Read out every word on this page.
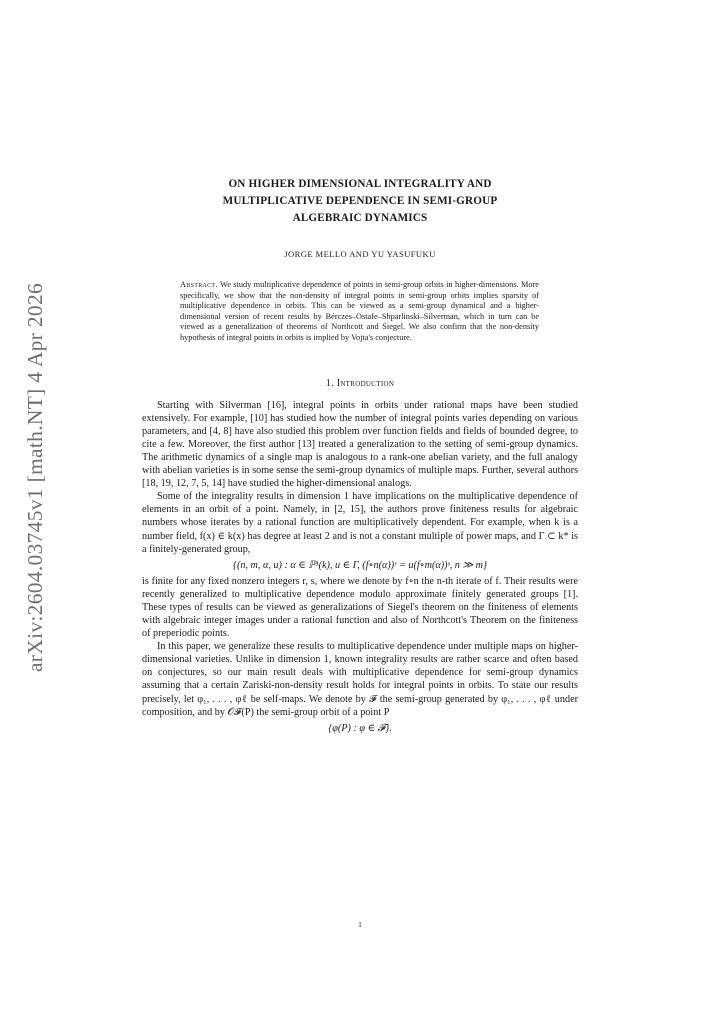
arXiv:2604.03745v1 [math.NT] 4 Apr 2026
ON HIGHER DIMENSIONAL INTEGRALITY AND
MULTIPLICATIVE DEPENDENCE IN SEMI-GROUP
ALGEBRAIC DYNAMICS
JORGE MELLO AND YU YASUFUKU
Abstract. We study multiplicative dependence of points in semi-group orbits in higher-dimensions. More specifically, we show that the non-density of integral points in semi-group orbits implies sparsity of multiplicative dependence in orbits. This can be viewed as a semi-group dynamical and a higher-dimensional version of recent results by Bérczes–Ostafe–Shparlinski–Silverman, which in turn can be viewed as a generalization of theorems of Northcott and Siegel. We also confirm that the non-density hypothesis of integral points in orbits is implied by Vojta's conjecture.
1. Introduction

Starting with Silverman [16], integral points in orbits under rational maps have been studied extensively. For example, [10] has studied how the number of integral points varies depending on various parameters, and [4, 8] have also studied this problem over function fields and fields of bounded degree, to cite a few. Moreover, the first author [13] treated a generalization to the setting of semi-group dynamics. The arithmetic dynamics of a single map is analogous to a rank-one abelian variety, and the full analogy with abelian varieties is in some sense the semi-group dynamics of multiple maps. Further, several authors [18, 19, 12, 7, 5, 14] have studied the higher-dimensional analogs.

Some of the integrality results in dimension 1 have implications on the multiplicative dependence of elements in an orbit of a point. Namely, in [2, 15], the authors prove finiteness results for algebraic numbers whose iterates by a rational function are multiplicatively dependent. For example, when k is a number field, f(x) ∈ k(x) has degree at least 2 and is not a constant multiple of power maps, and Γ ⊂ k* is a finitely-generated group,

{(n, m, α, u) : α ∈ ℙ¹(k), u ∈ Γ, (f∘n(α))ʳ = u(f∘m(α))ˢ, n ≫ m}

is finite for any fixed nonzero integers r, s, where we denote by f∘n the n-th iterate of f. Their results were recently generalized to multiplicative dependence modulo approximate finitely generated groups [1]. These types of results can be viewed as generalizations of Siegel's theorem on the finiteness of elements with algebraic integer images under a rational function and also of Northcott's Theorem on the finiteness of preperiodic points.

In this paper, we generalize these results to multiplicative dependence under multiple maps on higher-dimensional varieties. Unlike in dimension 1, known integrality results are rather scarce and often based on conjectures, so our main result deals with multiplicative dependence for semi-group dynamics assuming that a certain Zariski-non-density result holds for integral points in orbits. To state our results precisely, let φ₁, . . . , φℓ be self-maps. We denote by 𝓕 the semi-group generated by φ₁, . . . , φℓ under composition, and by 𝒪𝓕(P) the semi-group orbit of a point P

{φ(P) : φ ∈ 𝓕}.
1
